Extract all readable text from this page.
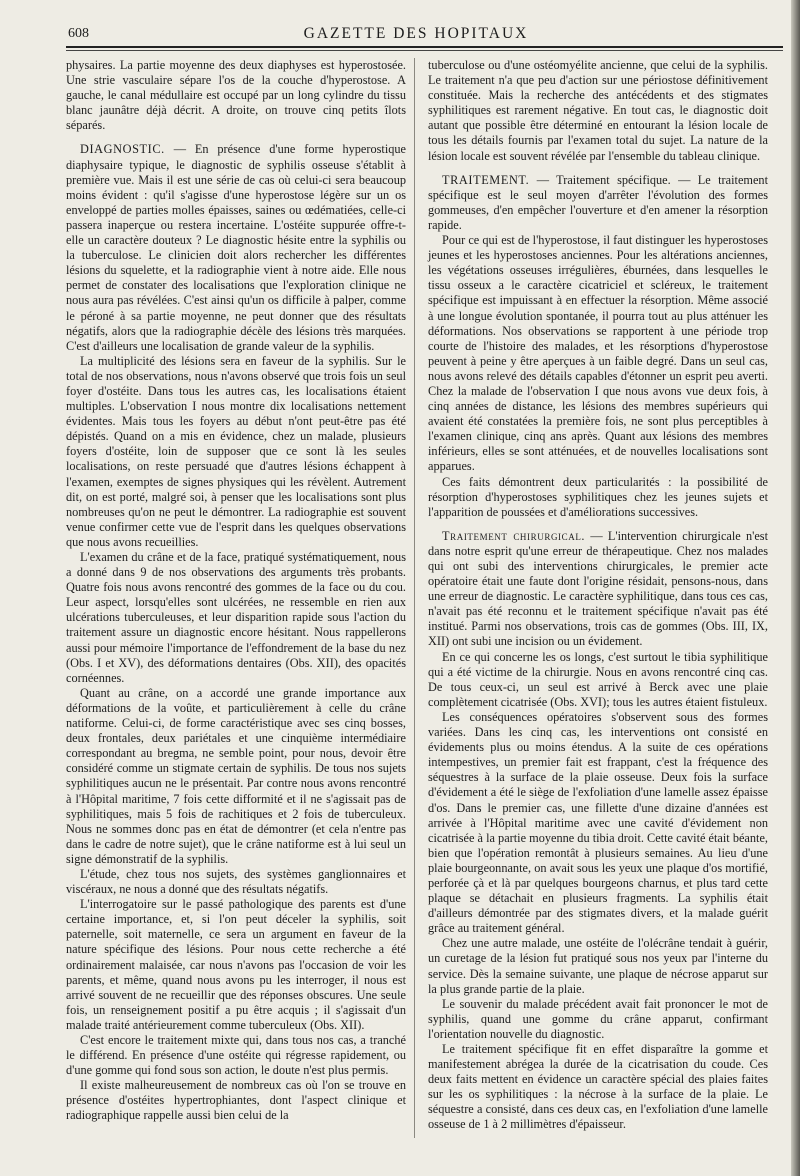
608	GAZETTE DES HOPITAUX

physaires. La partie moyenne des deux diaphyses est hyperostosée. Une strie vasculaire sépare l'os de la couche d'hyperostose. A gauche, le canal médullaire est occupé par un long cylindre du tissu blanc jaunâtre déjà décrit. A droite, on trouve cinq petits îlots séparés.

DIAGNOSTIC. — En présence d'une forme hyperostique diaphysaire typique, le diagnostic de syphilis osseuse s'établit à première vue. Mais il est une série de cas où celui-ci sera beaucoup moins évident : qu'il s'agisse d'une hyperostose légère sur un os enveloppé de parties molles épaisses, saines ou œdématiées, celle-ci passera inaperçue ou restera incertaine. L'ostéite suppurée offre-t-elle un caractère douteux ? Le diagnostic hésite entre la syphilis ou la tuberculose. Le clinicien doit alors rechercher les différentes lésions du squelette, et la radiographie vient à notre aide. Elle nous permet de constater des localisations que l'exploration clinique ne nous aura pas révélées. C'est ainsi qu'un os difficile à palper, comme le péroné à sa partie moyenne, ne peut donner que des résultats négatifs, alors que la radiographie décèle des lésions très marquées. C'est d'ailleurs une localisation de grande valeur de la syphilis.

La multiplicité des lésions sera en faveur de la syphilis. Sur le total de nos observations, nous n'avons observé que trois fois un seul foyer d'ostéite. Dans tous les autres cas, les localisations étaient multiples. L'observation I nous montre dix localisations nettement évidentes. Mais tous les foyers au début n'ont peut-être pas été dépistés. Quand on a mis en évidence, chez un malade, plusieurs foyers d'ostéite, loin de supposer que ce sont là les seules localisations, on reste persuadé que d'autres lésions échappent à l'examen, exemptes de signes physiques qui les révèlent. Autrement dit, on est porté, malgré soi, à penser que les localisations sont plus nombreuses qu'on ne peut le démontrer. La radiographie est souvent venue confirmer cette vue de l'esprit dans les quelques observations que nous avons recueillies.

L'examen du crâne et de la face, pratiqué systématiquement, nous a donné dans 9 de nos observations des arguments très probants. Quatre fois nous avons rencontré des gommes de la face ou du cou. Leur aspect, lorsqu'elles sont ulcérées, ne ressemble en rien aux ulcérations tuberculeuses, et leur disparition rapide sous l'action du traitement assure un diagnostic encore hésitant. Nous rappellerons aussi pour mémoire l'importance de l'effondrement de la base du nez (Obs. I et XV), des déformations dentaires (Obs. XII), des opacités cornéennes.

Quant au crâne, on a accordé une grande importance aux déformations de la voûte, et particulièrement à celle du crâne natiforme. Celui-ci, de forme caractéristique avec ses cinq bosses, deux frontales, deux pariétales et une cinquième intermédiaire correspondant au bregma, ne semble point, pour nous, devoir être considéré comme un stigmate certain de syphilis. De tous nos sujets syphilitiques aucun ne le présentait. Par contre nous avons rencontré à l'Hôpital maritime, 7 fois cette difformité et il ne s'agissait pas de syphilitiques, mais 5 fois de rachitiques et 2 fois de tuberculeux. Nous ne sommes donc pas en état de démontrer (et cela n'entre pas dans le cadre de notre sujet), que le crâne natiforme est à lui seul un signe démonstratif de la syphilis.

L'étude, chez tous nos sujets, des systèmes ganglionnaires et viscéraux, ne nous a donné que des résultats négatifs.

L'interrogatoire sur le passé pathologique des parents est d'une certaine importance, et, si l'on peut déceler la syphilis, soit paternelle, soit maternelle, ce sera un argument en faveur de la nature spécifique des lésions. Pour nous cette recherche a été ordinairement malaisée, car nous n'avons pas l'occasion de voir les parents, et même, quand nous avons pu les interroger, il nous est arrivé souvent de ne recueillir que des réponses obscures. Une seule fois, un renseignement positif a pu être acquis ; il s'agissait d'un malade traité antérieurement comme tuberculeux (Obs. XII).

C'est encore le traitement mixte qui, dans tous nos cas, a tranché le différend. En présence d'une ostéite qui régresse rapidement, ou d'une gomme qui fond sous son action, le doute n'est plus permis.

Il existe malheureusement de nombreux cas où l'on se trouve en présence d'ostéites hypertrophiantes, dont l'aspect clinique et radiographique rappelle aussi bien celui de la

tuberculose ou d'une ostéomyélite ancienne, que celui de la syphilis. Le traitement n'a que peu d'action sur une périostose définitivement constituée. Mais la recherche des antécédents et des stigmates syphilitiques est rarement négative. En tout cas, le diagnostic doit autant que possible être déterminé en entourant la lésion locale de tous les détails fournis par l'examen total du sujet. La nature de la lésion locale est souvent révélée par l'ensemble du tableau clinique.

TRAITEMENT. — Traitement spécifique. — Le traitement spécifique est le seul moyen d'arrêter l'évolution des formes gommeuses, d'en empêcher l'ouverture et d'en amener la résorption rapide.

Pour ce qui est de l'hyperostose, il faut distinguer les hyperostoses jeunes et les hyperostoses anciennes. Pour les altérations anciennes, les végétations osseuses irrégulières, éburnées, dans lesquelles le tissu osseux a le caractère cicatriciel et scléreux, le traitement spécifique est impuissant à en effectuer la résorption. Même associé à une longue évolution spontanée, il pourra tout au plus atténuer les déformations. Nos observations se rapportent à une période trop courte de l'histoire des malades, et les résorptions d'hyperostose peuvent à peine y être aperçues à un faible degré. Dans un seul cas, nous avons relevé des détails capables d'étonner un esprit peu averti. Chez la malade de l'observation I que nous avons vue deux fois, à cinq années de distance, les lésions des membres supérieurs qui avaient été constatées la première fois, ne sont plus perceptibles à l'examen clinique, cinq ans après. Quant aux lésions des membres inférieurs, elles se sont atténuées, et de nouvelles localisations sont apparues.

Ces faits démontrent deux particularités : la possibilité de résorption d'hyperostoses syphilitiques chez les jeunes sujets et l'apparition de poussées et d'améliorations successives.

Traitement chirurgical. — L'intervention chirurgicale n'est dans notre esprit qu'une erreur de thérapeutique. Chez nos malades qui ont subi des interventions chirurgicales, le premier acte opératoire était une faute dont l'origine résidait, pensons-nous, dans une erreur de diagnostic. Le caractère syphilitique, dans tous ces cas, n'avait pas été reconnu et le traitement spécifique n'avait pas été institué. Parmi nos observations, trois cas de gommes (Obs. III, IX, XII) ont subi une incision ou un évidement.

En ce qui concerne les os longs, c'est surtout le tibia syphilitique qui a été victime de la chirurgie. Nous en avons rencontré cinq cas. De tous ceux-ci, un seul est arrivé à Berck avec une plaie complètement cicatrisée (Obs. XVI); tous les autres étaient fistuleux.

Les conséquences opératoires s'observent sous des formes variées. Dans les cinq cas, les interventions ont consisté en évidements plus ou moins étendus. A la suite de ces opérations intempestives, un premier fait est frappant, c'est la fréquence des séquestres à la surface de la plaie osseuse. Deux fois la surface d'évidement a été le siège de l'exfoliation d'une lamelle assez épaisse d'os. Dans le premier cas, une fillette d'une dizaine d'années est arrivée à l'Hôpital maritime avec une cavité d'évidement non cicatrisée à la partie moyenne du tibia droit. Cette cavité était béante, bien que l'opération remontât à plusieurs semaines. Au lieu d'une plaie bourgeonnante, on avait sous les yeux une plaque d'os mortifié, perforée çà et là par quelques bourgeons charnus, et plus tard cette plaque se détachait en plusieurs fragments. La syphilis était d'ailleurs démontrée par des stigmates divers, et la malade guérit grâce au traitement général.

Chez une autre malade, une ostéite de l'olécrâne tendait à guérir, un curetage de la lésion fut pratiqué sous nos yeux par l'interne du service. Dès la semaine suivante, une plaque de nécrose apparut sur la plus grande partie de la plaie.

Le souvenir du malade précédent avait fait prononcer le mot de syphilis, quand une gomme du crâne apparut, confirmant l'orientation nouvelle du diagnostic.

Le traitement spécifique fit en effet disparaître la gomme et manifestement abrégea la durée de la cicatrisation du coude. Ces deux faits mettent en évidence un caractère spécial des plaies faites sur les os syphilitiques : la nécrose à la surface de la plaie. Le séquestre a consisté, dans ces deux cas, en l'exfoliation d'une lamelle osseuse de 1 à 2 millimètres d'épaisseur.
